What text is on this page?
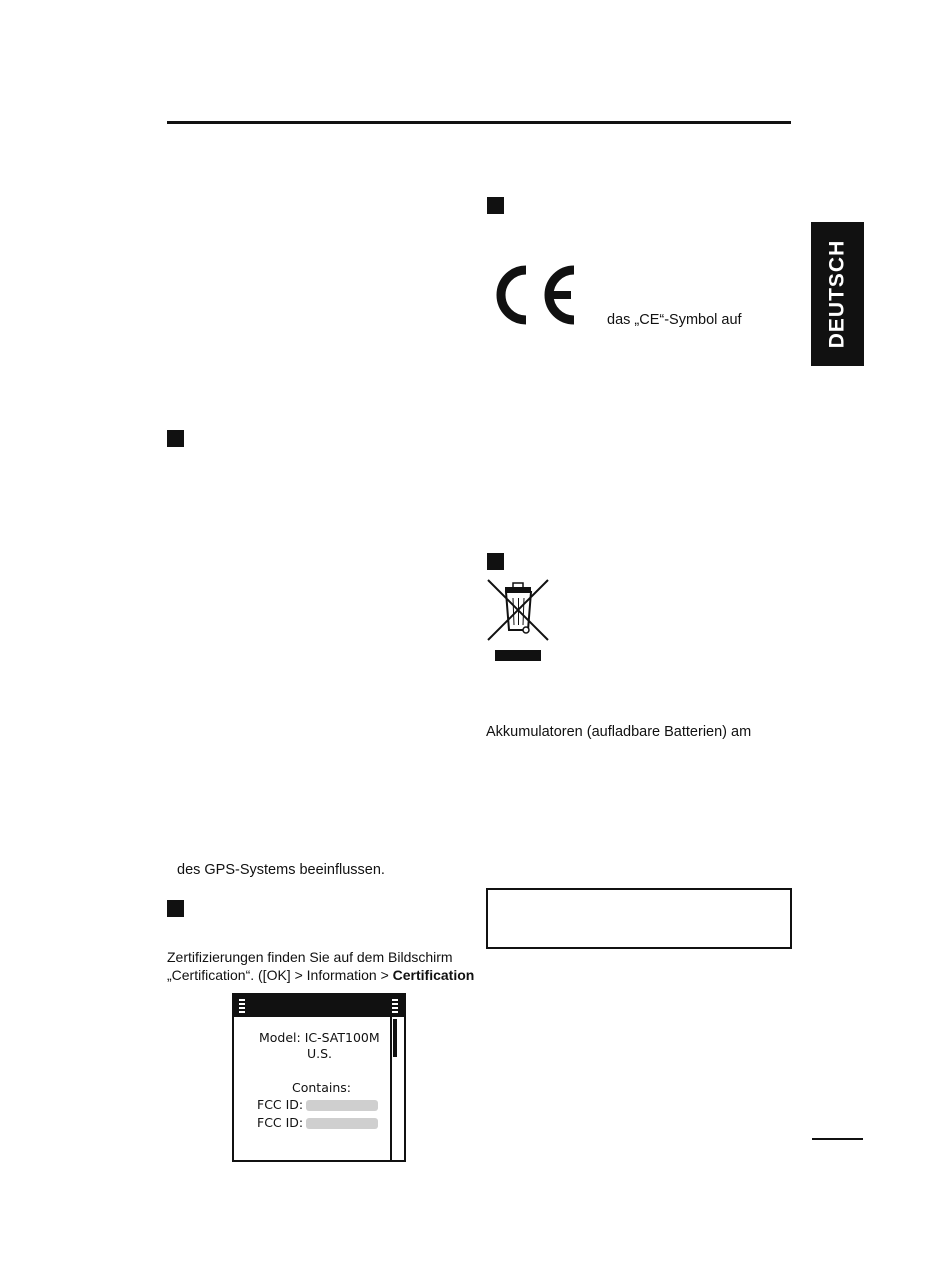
DEUTSCH
das „CE“-Symbol auf
Akkumulatoren (aufladbare Batterien) am
des GPS-Systems beeinflussen.
Zertifizierungen finden Sie auf dem Bildschirm
„Certification“. ([OK] > Information > Certification
Model: IC-SAT100M
U.S.
Contains:
FCC ID:
FCC ID:
